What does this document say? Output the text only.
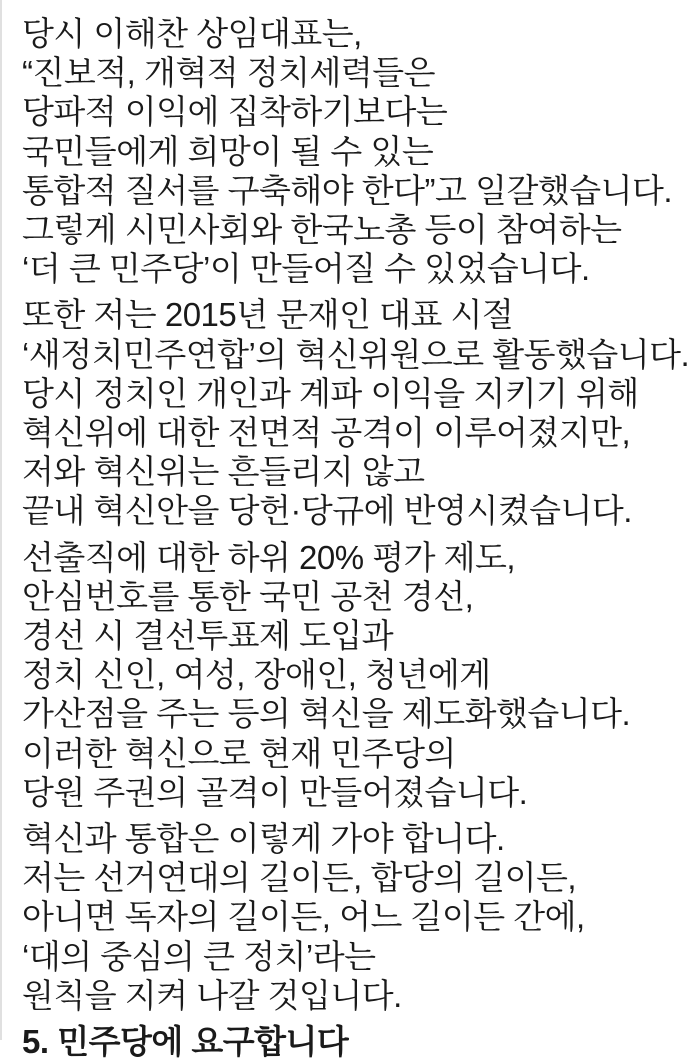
당시 이해찬 상임대표는,
“진보적, 개혁적 정치세력들은
당파적 이익에 집착하기보다는
국민들에게 희망이 될 수 있는
통합적 질서를 구축해야 한다”고 일갈했습니다.
그렇게 시민사회와 한국노총 등이 참여하는
‘더 큰 민주당’이 만들어질 수 있었습니다.

또한 저는 2015년 문재인 대표 시절
‘새정치민주연합’의 혁신위원으로 활동했습니다.
당시 정치인 개인과 계파 이익을 지키기 위해
혁신위에 대한 전면적 공격이 이루어졌지만,
저와 혁신위는 흔들리지 않고
끝내 혁신안을 당헌·당규에 반영시켰습니다.

선출직에 대한 하위 20% 평가 제도,
안심번호를 통한 국민 공천 경선,
경선 시 결선투표제 도입과
정치 신인, 여성, 장애인, 청년에게
가산점을 주는 등의 혁신을 제도화했습니다.
이러한 혁신으로 현재 민주당의
당원 주권의 골격이 만들어졌습니다.

혁신과 통합은 이렇게 가야 합니다.
저는 선거연대의 길이든, 합당의 길이든,
아니면 독자의 길이든, 어느 길이든 간에,
‘대의 중심의 큰 정치’라는
원칙을 지켜 나갈 것입니다.

5. 민주당에 요구합니다
